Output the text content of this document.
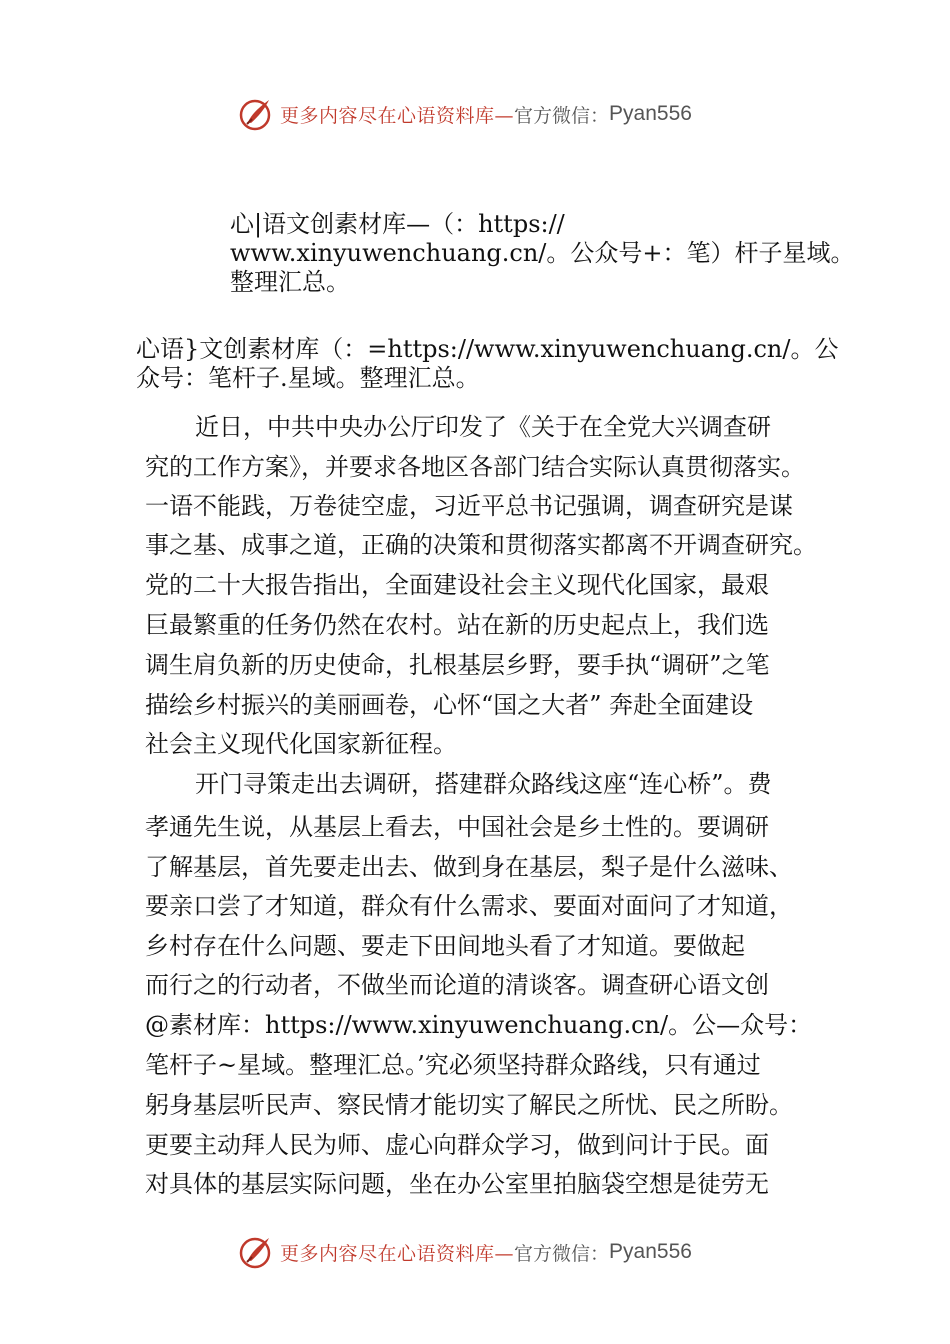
更多内容尽在心语资料库— 官方微信： Pyan556
心|语文创素材库—（：https://
www.xinyuwenchuang.cn/。公众号+：笔）杆子星域。
整理汇总。
心语}文创素材库（：=https://www.xinyuwenchuang.cn/。公
众号：笔杆子.星域。整理汇总。
近日，中共中央办公厅印发了《关于在全党大兴调查研
究的工作方案》，并要求各地区各部门结合实际认真贯彻落实。
一语不能践，万卷徒空虚，习近平总书记强调，调查研究是谋
事之基、成事之道，正确的决策和贯彻落实都离不开调查研究。
党的二十大报告指出，全面建设社会主义现代化国家，最艰
巨最繁重的任务仍然在农村。站在新的历史起点上，我们选
调生肩负新的历史使命，扎根基层乡野，要手执“调研”之笔
描绘乡村振兴的美丽画卷，心怀“国之大者” 奔赴全面建设
社会主义现代化国家新征程。
开门寻策走出去调研，搭建群众路线这座“连心桥”。费
孝通先生说，从基层上看去，中国社会是乡土性的。要调研
了解基层，首先要走出去、做到身在基层，梨子是什么滋味、
要亲口尝了才知道，群众有什么需求、要面对面问了才知道，
乡村存在什么问题、要走下田间地头看了才知道。要做起
而行之的行动者，不做坐而论道的清谈客。调查研心语文创
@素材库：https://www.xinyuwenchuang.cn/。公—众号：
笔杆子~星域。整理汇总。’究必须坚持群众路线，只有通过
躬身基层听民声、察民情才能切实了解民之所忧、民之所盼。
更要主动拜人民为师、虚心向群众学习，做到问计于民。面
对具体的基层实际问题，坐在办公室里拍脑袋空想是徒劳无
更多内容尽在心语资料库— 官方微信： Pyan556
